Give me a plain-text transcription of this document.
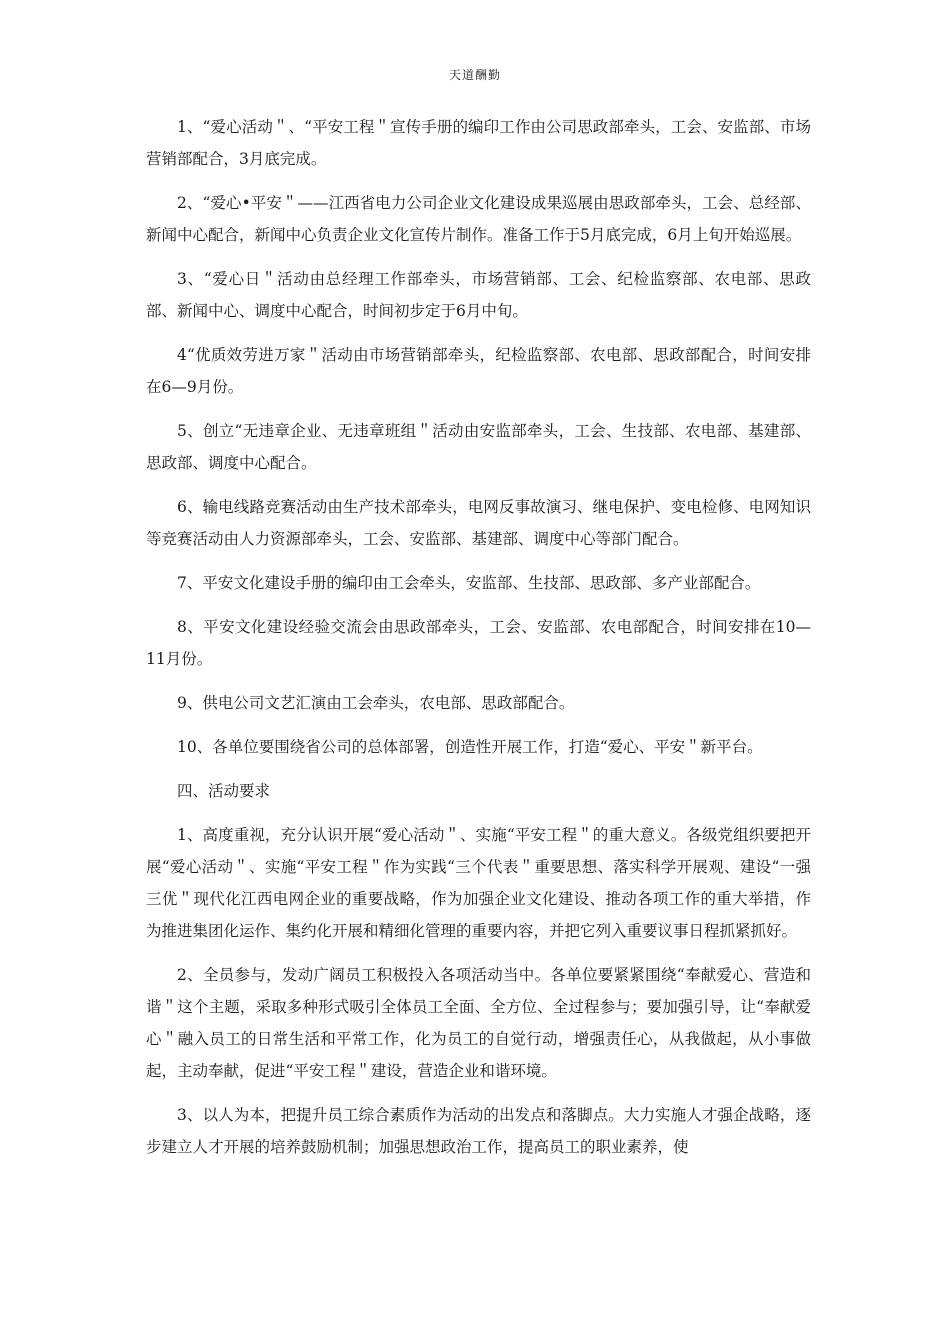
天道酬勤

1、“爱心活动＂、“平安工程＂宣传手册的编印工作由公司思政部牵头，工会、安监部、市场营销部配合，3月底完成。

2、“爱心•平安＂——江西省电力公司企业文化建设成果巡展由思政部牵头，工会、总经部、新闻中心配合，新闻中心负责企业文化宣传片制作。准备工作于5月底完成，6月上旬开始巡展。

3、“爱心日＂活动由总经理工作部牵头，市场营销部、工会、纪检监察部、农电部、思政部、新闻中心、调度中心配合，时间初步定于6月中旬。

4“优质效劳进万家＂活动由市场营销部牵头，纪检监察部、农电部、思政部配合，时间安排在6—9月份。

5、创立“无违章企业、无违章班组＂活动由安监部牵头，工会、生技部、农电部、基建部、思政部、调度中心配合。

6、输电线路竞赛活动由生产技术部牵头，电网反事故演习、继电保护、变电检修、电网知识等竞赛活动由人力资源部牵头，工会、安监部、基建部、调度中心等部门配合。

7、平安文化建设手册的编印由工会牵头，安监部、生技部、思政部、多产业部配合。

8、平安文化建设经验交流会由思政部牵头，工会、安监部、农电部配合，时间安排在10—11月份。

9、供电公司文艺汇演由工会牵头，农电部、思政部配合。

10、各单位要围绕省公司的总体部署，创造性开展工作，打造“爱心、平安＂新平台。

四、活动要求

1、高度重视，充分认识开展“爱心活动＂、实施“平安工程＂的重大意义。各级党组织要把开展“爱心活动＂、实施“平安工程＂作为实践“三个代表＂重要思想、落实科学开展观、建设“一强三优＂现代化江西电网企业的重要战略，作为加强企业文化建设、推动各项工作的重大举措，作为推进集团化运作、集约化开展和精细化管理的重要内容，并把它列入重要议事日程抓紧抓好。

2、全员参与，发动广阔员工积极投入各项活动当中。各单位要紧紧围绕“奉献爱心、营造和谐＂这个主题，采取多种形式吸引全体员工全面、全方位、全过程参与；要加强引导，让“奉献爱心＂融入员工的日常生活和平常工作，化为员工的自觉行动，增强责任心，从我做起，从小事做起，主动奉献，促进“平安工程＂建设，营造企业和谐环境。

3、以人为本，把提升员工综合素质作为活动的出发点和落脚点。大力实施人才强企战略，逐步建立人才开展的培养鼓励机制；加强思想政治工作，提高员工的职业素养，使
